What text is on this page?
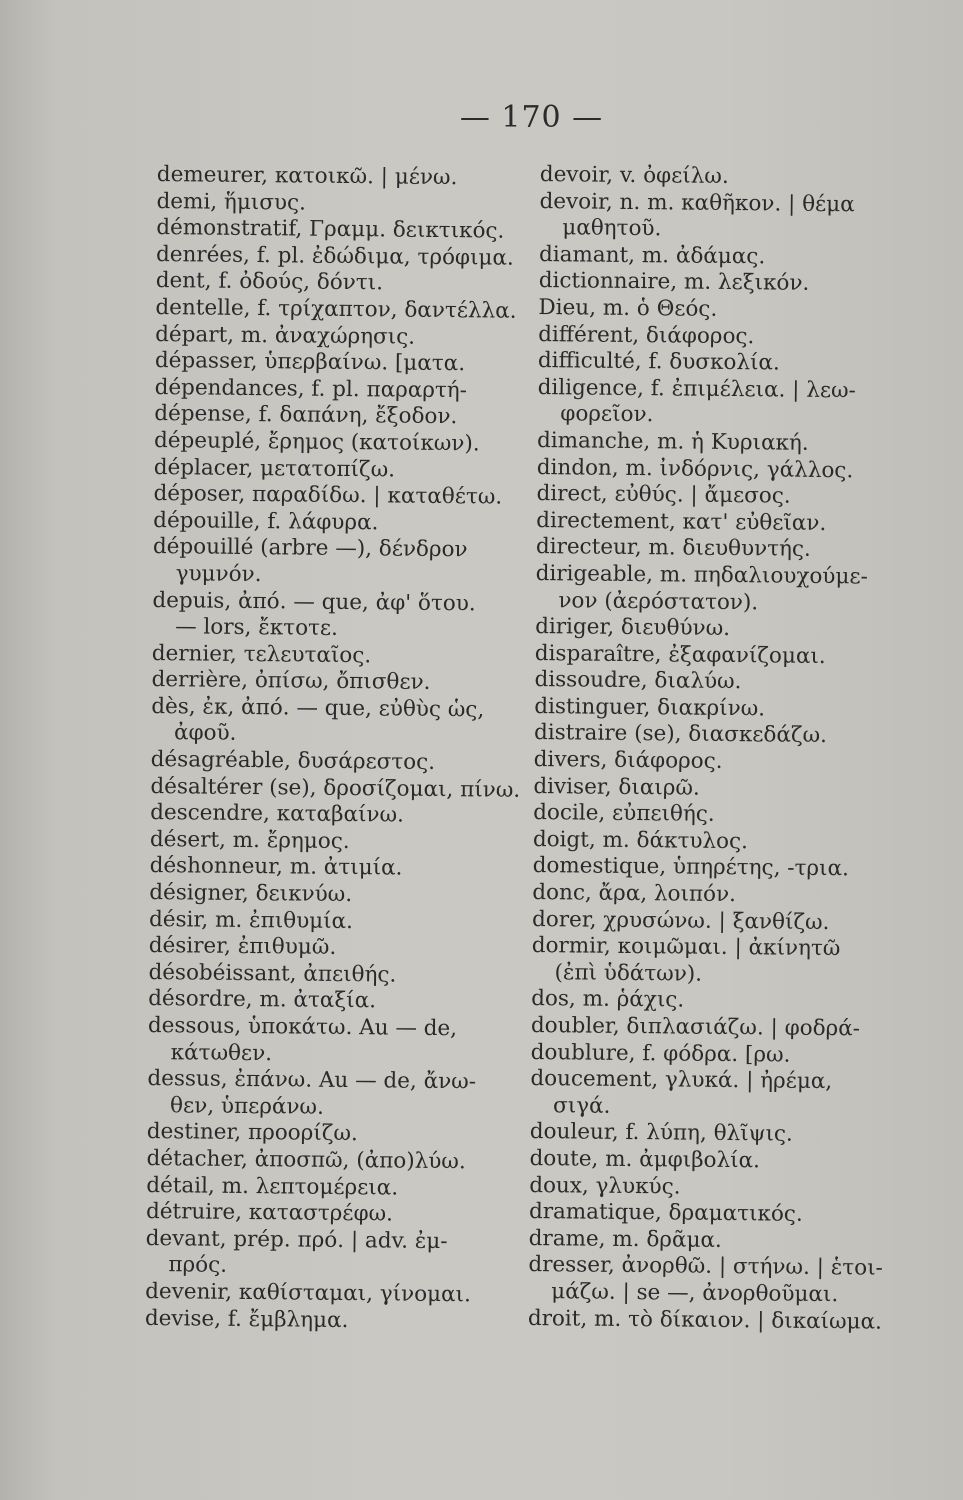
— 170 —
demeurer, κατοικῶ. | μένω.
demi, ἥμισυς.
démonstratif, Γραμμ. δεικτικός.
denrées, f. pl. ἐδώδιμα, τρόφιμα.
dent, f. ὀδούς, δόντι.
dentelle, f. τρίχαπτον, δαντέλλα.
départ, m. ἀναχώρησις.
dépasser, ὑπερβαίνω. [ματα.
dépendances, f. pl. παραρτή-
dépense, f. δαπάνη, ἔξοδον.
dépeuplé, ἔρημος (κατοίκων).
déplacer, μετατοπίζω.
déposer, παραδίδω. | καταθέτω.
dépouille, f. λάφυρα.
dépouillé (arbre —), δένδρον
γυμνόν.
depuis, ἀπό. — que, ἀφ' ὅτου.
— lors, ἔκτοτε.
dernier, τελευταῖος.
derrière, ὀπίσω, ὄπισθεν.
dès, ἐκ, ἀπό. — que, εὐθὺς ὡς,
ἀφοῦ.
désagréable, δυσάρεστος.
désaltérer (se), δροσίζομαι, πίνω.
descendre, καταβαίνω.
désert, m. ἔρημος.
déshonneur, m. ἀτιμία.
désigner, δεικνύω.
désir, m. ἐπιθυμία.
désirer, ἐπιθυμῶ.
désobéissant, ἀπειθής.
désordre, m. ἀταξία.
dessous, ὑποκάτω. Au — de,
κάτωθεν.
dessus, ἐπάνω. Au — de, ἄνω-
θεν, ὑπεράνω.
destiner, προορίζω.
détacher, ἀποσπῶ, (ἀπο)λύω.
détail, m. λεπτομέρεια.
détruire, καταστρέφω.
devant, prép. πρό. | adv. ἐμ-
πρός.
devenir, καθίσταμαι, γίνομαι.
devise, f. ἔμβλημα.
devoir, v. ὀφείλω.
devoir, n. m. καθῆκον. | θέμα
μαθητοῦ.
diamant, m. ἀδάμας.
dictionnaire, m. λεξικόν.
Dieu, m. ὁ Θεός.
différent, διάφορος.
difficulté, f. δυσκολία.
diligence, f. ἐπιμέλεια. | λεω-
φορεῖον.
dimanche, m. ἡ Κυριακή.
dindon, m. ἰνδόρνις, γάλλος.
direct, εὐθύς. | ἄμεσος.
directement, κατ' εὐθεῖαν.
directeur, m. διευθυντής.
dirigeable, m. πηδαλιουχούμε-
νον (ἀερόστατον).
diriger, διευθύνω.
disparaître, ἐξαφανίζομαι.
dissoudre, διαλύω.
distinguer, διακρίνω.
distraire (se), διασκεδάζω.
divers, διάφορος.
diviser, διαιρῶ.
docile, εὐπειθής.
doigt, m. δάκτυλος.
domestique, ὑπηρέτης, -τρια.
donc, ἄρα, λοιπόν.
dorer, χρυσώνω. | ξανθίζω.
dormir, κοιμῶμαι. | ἀκίνητῶ
(ἐπὶ ὑδάτων).
dos, m. ῥάχις.
doubler, διπλασιάζω. | φοδρά-
doublure, f. φόδρα. [ρω.
doucement, γλυκά. | ἠρέμα,
σιγά.
douleur, f. λύπη, θλῖψις.
doute, m. ἀμφιβολία.
doux, γλυκύς.
dramatique, δραματικός.
drame, m. δρᾶμα.
dresser, ἀνορθῶ. | στήνω. | ἑτοι-
μάζω. | se —, ἀνορθοῦμαι.
droit, m. τὸ δίκαιον. | δικαίωμα.
